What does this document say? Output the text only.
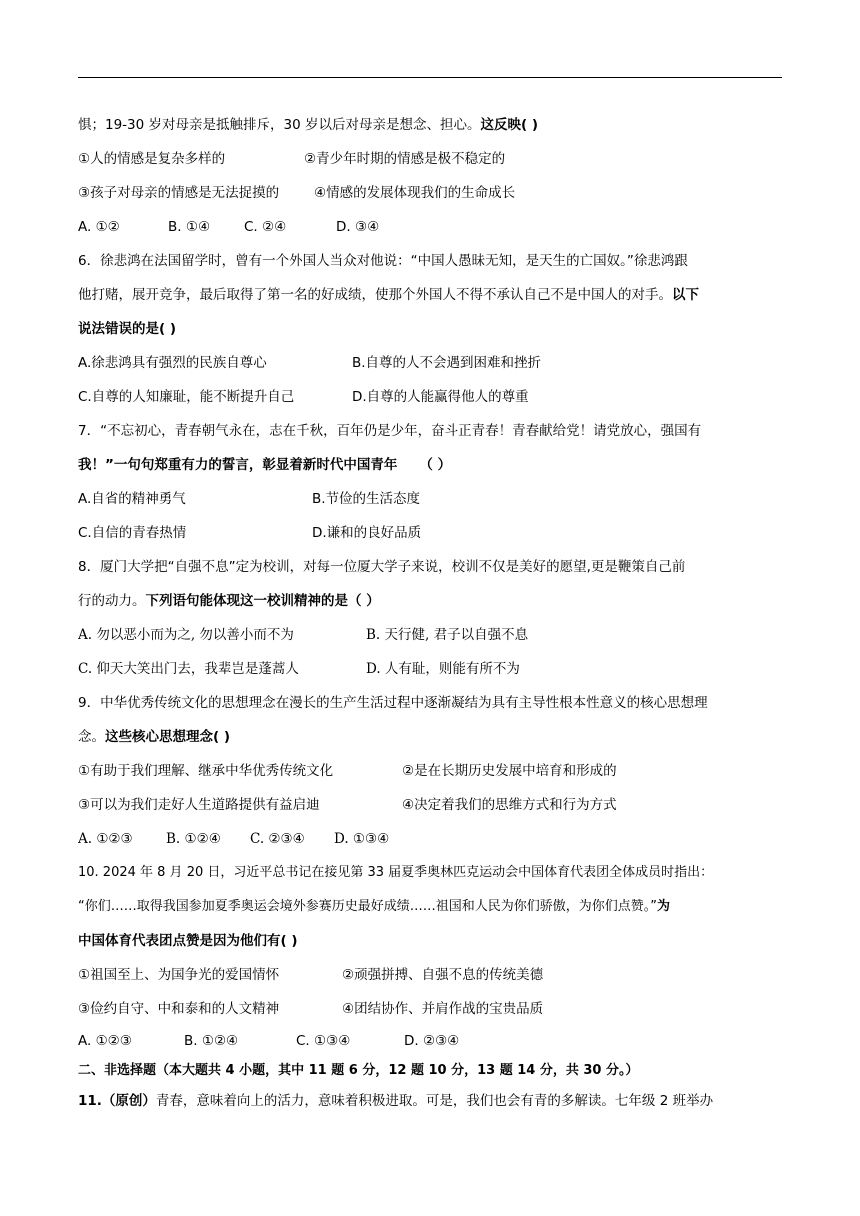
惧；19-30 岁对母亲是抵触排斥，30 岁以后对母亲是想念、担心。这反映( )
①人的情感是复杂多样的	②青少年时期的情感是极不稳定的
③孩子对母亲的情感是无法捉摸的	④情感的发展体现我们的生命成长
A. ①②	B. ①④	C. ②④	D. ③④
6．徐悲鸿在法国留学时，曾有一个外国人当众对他说：“中国人愚昧无知，是天生的亡国奴。”徐悲鸿跟
他打赌，展开竞争，最后取得了第一名的好成绩，使那个外国人不得不承认自己不是中国人的对手。以下
说法错误的是( )
A.徐悲鸿具有强烈的民族自尊心	B.自尊的人不会遇到困难和挫折
C.自尊的人知廉耻，能不断提升自己	D.自尊的人能赢得他人的尊重
7．“不忘初心，青春朝气永在，志在千秋，百年仍是少年，奋斗正青春！青春献给党！请党放心，强国有
我！”一句句郑重有力的誓言，彰显着新时代中国青年 （ ）
A.自省的精神勇气	B.节俭的生活态度
C.自信的青春热情	D.谦和的良好品质
8．厦门大学把“自强不息”定为校训，对每一位厦大学子来说，校训不仅是美好的愿望,更是鞭策自己前
行的动力。下列语句能体现这一校训精神的是（ ）
A. 勿以恶小而为之, 勿以善小而不为	B. 天行健, 君子以自强不息
C. 仰天大笑出门去，我辈岂是蓬蒿人	D. 人有耻，则能有所不为
9．中华优秀传统文化的思想理念在漫长的生产生活过程中逐渐凝结为具有主导性根本性意义的核心思想理
念。这些核心思想理念( )
①有助于我们理解、继承中华优秀传统文化	②是在长期历史发展中培育和形成的
③可以为我们走好人生道路提供有益启迪	④决定着我们的思维方式和行为方式
A. ①②③	B. ①②④	C. ②③④	D. ①③④
10. 2024 年 8 月 20 日，习近平总书记在接见第 33 届夏季奥林匹克运动会中国体育代表团全体成员时指出：
“你们……取得我国参加夏季奥运会境外参赛历史最好成绩……祖国和人民为你们骄傲，为你们点赞。”为
中国体育代表团点赞是因为他们有( )
①祖国至上、为国争光的爱国情怀	②顽强拼搏、自强不息的传统美德
③俭约自守、中和泰和的人文精神	④团结协作、并肩作战的宝贵品质
A. ①②③	B. ①②④	C. ①③④	D. ②③④
二、非选择题（本大题共 4 小题，其中 11 题 6 分，12 题 10 分，13 题 14 分，共 30 分。）
11.（原创）青春，意味着向上的活力，意味着积极进取。可是，我们也会有青的多解读。七年级 2 班举办
